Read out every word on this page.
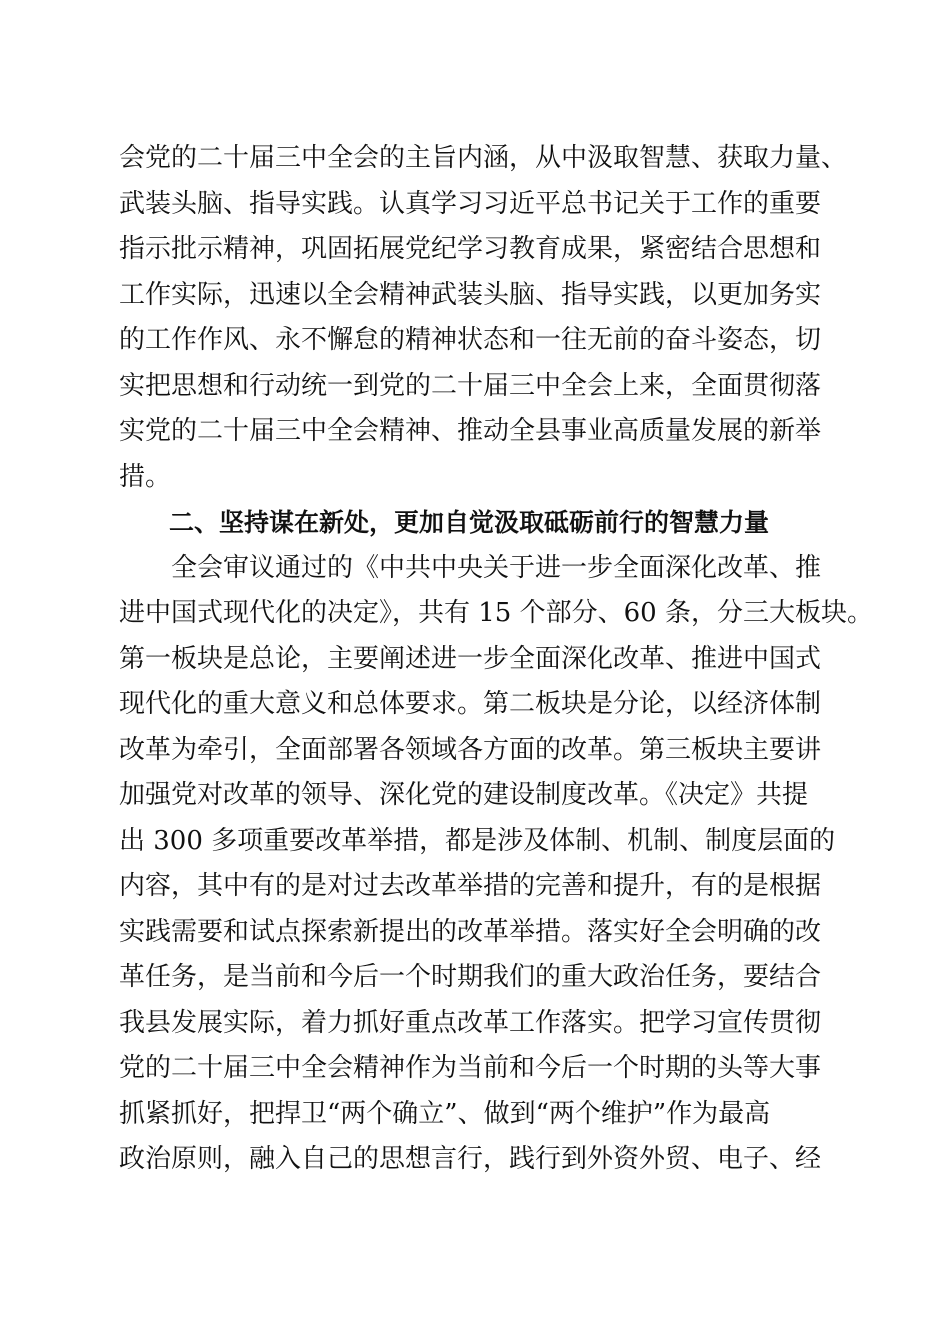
会党的二十届三中全会的主旨内涵，从中汲取智慧、获取力量、
武装头脑、指导实践。认真学习习近平总书记关于工作的重要
指示批示精神，巩固拓展党纪学习教育成果，紧密结合思想和
工作实际，迅速以全会精神武装头脑、指导实践，以更加务实
的工作作风、永不懈怠的精神状态和一往无前的奋斗姿态，切
实把思想和行动统一到党的二十届三中全会上来，全面贯彻落
实党的二十届三中全会精神、推动全县事业高质量发展的新举
措。
二、坚持谋在新处，更加自觉汲取砥砺前行的智慧力量
全会审议通过的《中共中央关于进一步全面深化改革、推
进中国式现代化的决定》，共有 15 个部分、60 条，分三大板块。
第一板块是总论，主要阐述进一步全面深化改革、推进中国式
现代化的重大意义和总体要求。第二板块是分论，以经济体制
改革为牵引，全面部署各领域各方面的改革。第三板块主要讲
加强党对改革的领导、深化党的建设制度改革。《决定》共提
出 300 多项重要改革举措，都是涉及体制、机制、制度层面的
内容，其中有的是对过去改革举措的完善和提升，有的是根据
实践需要和试点探索新提出的改革举措。落实好全会明确的改
革任务，是当前和今后一个时期我们的重大政治任务，要结合
我县发展实际，着力抓好重点改革工作落实。把学习宣传贯彻
党的二十届三中全会精神作为当前和今后一个时期的头等大事
抓紧抓好，把捍卫“两个确立”、做到“两个维护”作为最高
政治原则，融入自己的思想言行，践行到外资外贸、电子、经
